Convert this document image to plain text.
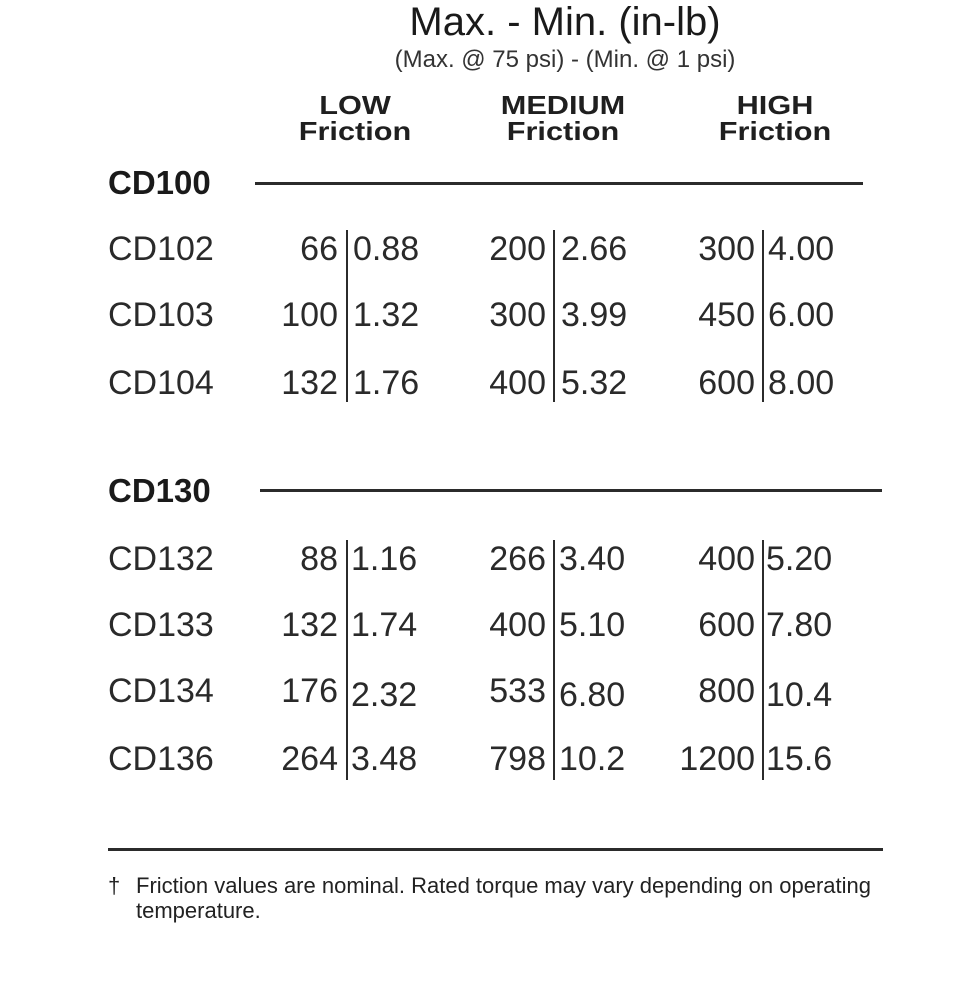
Max. - Min. (in-lb)
(Max. @ 75 psi) - (Min. @ 1 psi)
LOW
Friction
MEDIUM
Friction
HIGH
Friction
CD100
CD102	66 0.88	200 2.66	300 4.00
CD103	100 1.32	300 3.99	450 6.00
CD104	132 1.76	400 5.32	600 8.00
CD130
CD132	88 1.16	266 3.40	400 5.20
CD133	132 1.74	400 5.10	600 7.80
CD134	176 2.32	533 6.80	800 10.4
CD136	264 3.48	798 10.2	1200 15.6
† Friction values are nominal. Rated torque may vary depending on operating temperature.
